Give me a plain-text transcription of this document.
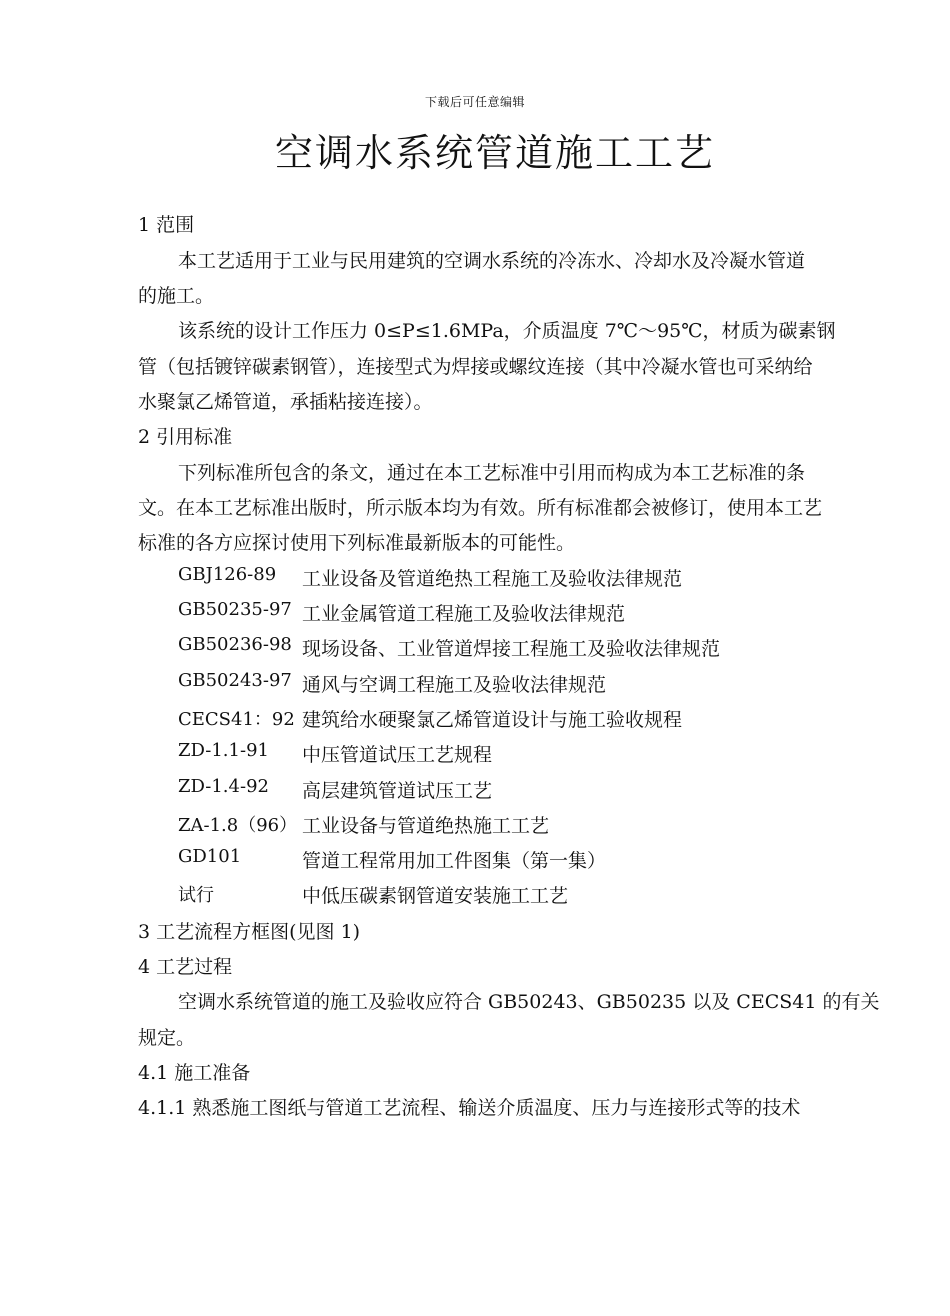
下载后可任意编辑
空调水系统管道施工工艺
1 范围
本工艺适用于工业与民用建筑的空调水系统的冷冻水、冷却水及冷凝水管道
的施工。
该系统的设计工作压力 0≤P≤1.6MPa，介质温度 7℃～95℃，材质为碳素钢
管（包括镀锌碳素钢管），连接型式为焊接或螺纹连接（其中冷凝水管也可采纳给
水聚氯乙烯管道，承插粘接连接）。
2 引用标准
下列标准所包含的条文，通过在本工艺标准中引用而构成为本工艺标准的条
文。在本工艺标准出版时，所示版本均为有效。所有标准都会被修订，使用本工艺
标准的各方应探讨使用下列标准最新版本的可能性。
GBJ126-89 工业设备及管道绝热工程施工及验收法律规范
GB50235-97 工业金属管道工程施工及验收法律规范
GB50236-98 现场设备、工业管道焊接工程施工及验收法律规范
GB50243-97 通风与空调工程施工及验收法律规范
CECS41：92 建筑给水硬聚氯乙烯管道设计与施工验收规程
ZD-1.1-91 中压管道试压工艺规程
ZD-1.4-92 高层建筑管道试压工艺
ZA-1.8（96） 工业设备与管道绝热施工工艺
GD101	管道工程常用加工件图集（第一集）
试行	中低压碳素钢管道安装施工工艺
3 工艺流程方框图(见图 1)
4 工艺过程
空调水系统管道的施工及验收应符合 GB50243、GB50235 以及 CECS41 的有关
规定。
4.1 施工准备
4.1.1 熟悉施工图纸与管道工艺流程、输送介质温度、压力与连接形式等的技术
